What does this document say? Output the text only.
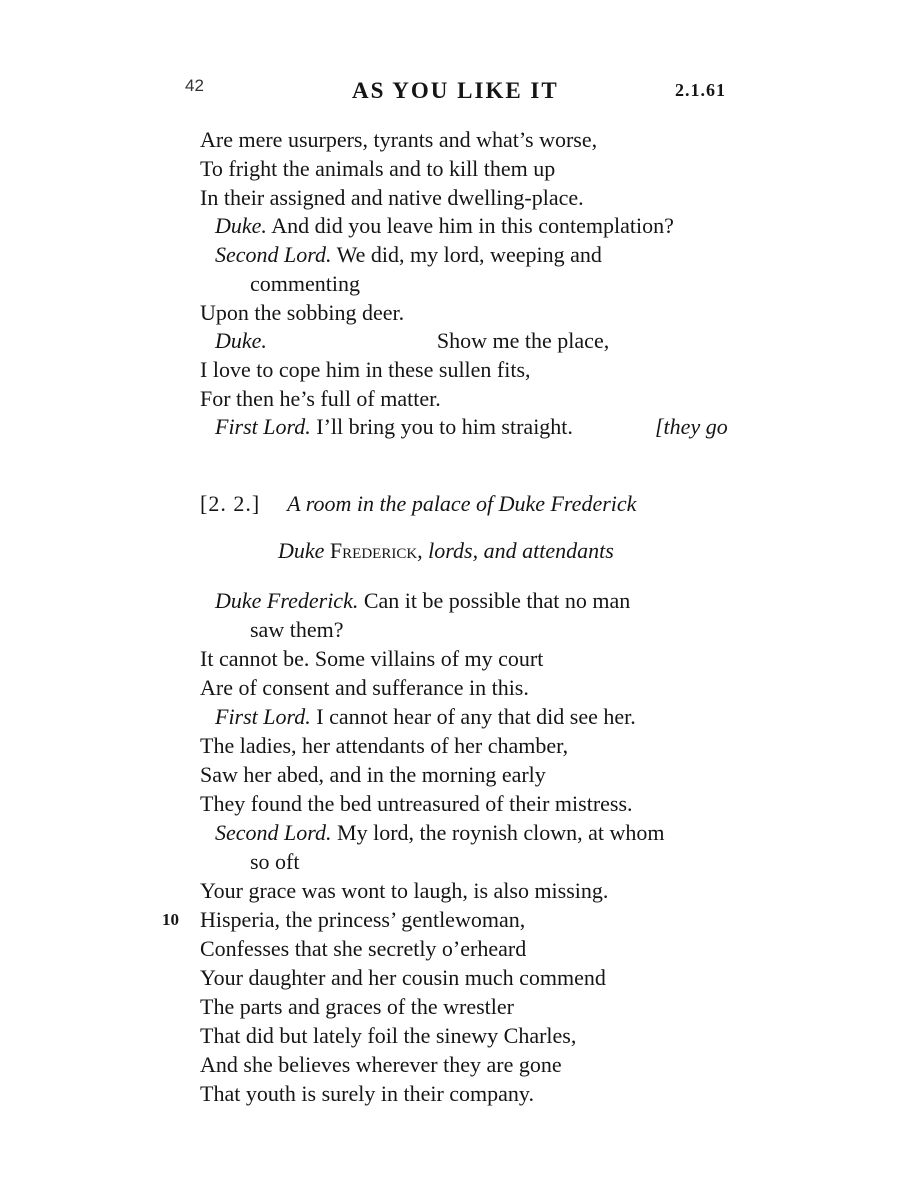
42	AS YOU LIKE IT	2.1.61
Are mere usurpers, tyrants and what’s worse,
To fright the animals and to kill them up
In their assigned and native dwelling-place.
Duke. And did you leave him in this contemplation?
Second Lord. We did, my lord, weeping and
commenting
Upon the sobbing deer.
Duke.	Show me the place,
I love to cope him in these sullen fits,
For then he’s full of matter.
First Lord. I’ll bring you to him straight.	[they go
[2. 2.] A room in the palace of Duke Frederick
Duke Frederick, lords, and attendants
Duke Frederick. Can it be possible that no man
saw them?
It cannot be. Some villains of my court
Are of consent and sufferance in this.
First Lord. I cannot hear of any that did see her.
The ladies, her attendants of her chamber,
Saw her abed, and in the morning early
They found the bed untreasured of their mistress.
Second Lord. My lord, the roynish clown, at whom
so oft
Your grace was wont to laugh, is also missing.
10 Hisperia, the princess’ gentlewoman,
Confesses that she secretly o’erheard
Your daughter and her cousin much commend
The parts and graces of the wrestler
That did but lately foil the sinewy Charles,
And she believes wherever they are gone
That youth is surely in their company.
